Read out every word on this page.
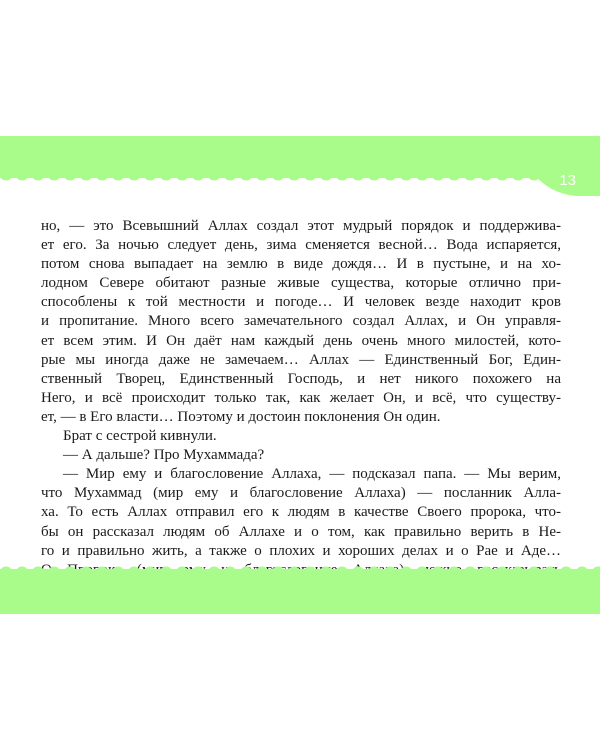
13
но, — это Всевышний Аллах создал этот мудрый порядок и поддержива-
ет его. За ночью следует день, зима сменяется весной… Вода испаряется,
потом снова выпадает на землю в виде дождя… И в пустыне, и на хо-
лодном Севере обитают разные живые существа, которые отлично при-
способлены к той местности и погоде… И человек везде находит кров
и пропитание. Много всего замечательного создал Аллах, и Он управля-
ет всем этим. И Он даёт нам каждый день очень много милостей, кото-
рые мы иногда даже не замечаем… Аллах — Единственный Бог, Един-
ственный Творец, Единственный Господь, и нет никого похожего на
Него, и всё происходит только так, как желает Он, и всё, что существу-
ет, — в Его власти… Поэтому и достоин поклонения Он один.
Брат с сестрой кивнули.
— А дальше? Про Мухаммада?
— Мир ему и благословение Аллаха, — подсказал папа. — Мы верим,
что Мухаммад (мир ему и благословение Аллаха) — посланник Алла-
ха. То есть Аллах отправил его к людям в качестве Своего пророка, что-
бы он рассказал людям об Аллахе и о том, как правильно верить в Не-
го и правильно жить, а также о плохих и хороших делах и о Рае и Аде…
